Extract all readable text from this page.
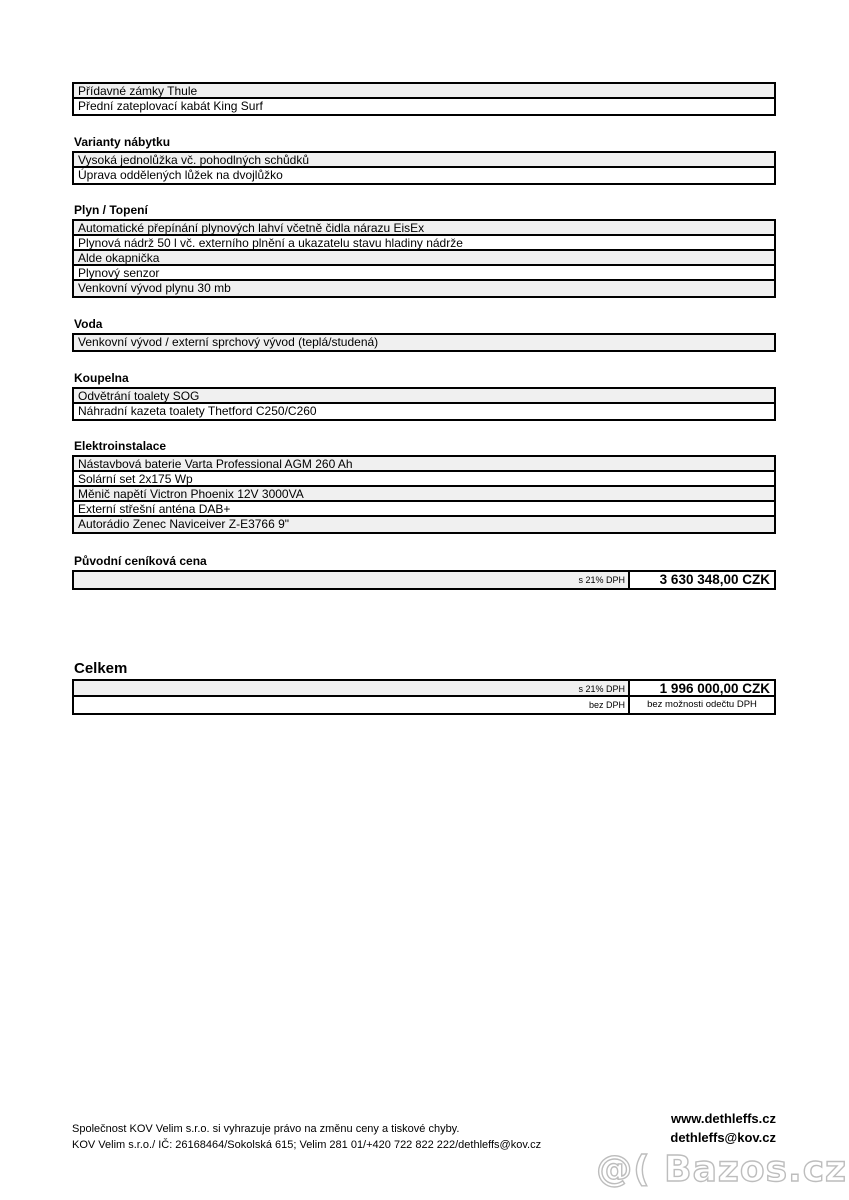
Přídavné zámky Thule
Přední zateplovací kabát King Surf
Varianty nábytku
Vysoká jednolůžka vč. pohodlných schůdků
Úprava oddělených lůžek na dvojlůžko
Plyn / Topení
Automatické přepínání plynových lahví včetně čidla nárazu EisEx
Plynová nádrž 50 l vč. externího plnění a ukazatelu stavu hladiny nádrže
Alde okapnička
Plynový senzor
Venkovní vývod plynu 30 mb
Voda
Venkovní vývod / externí sprchový vývod (teplá/studená)
Koupelna
Odvětrání toalety SOG
Náhradní kazeta toalety Thetford C250/C260
Elektroinstalace
Nástavbová baterie Varta Professional AGM 260 Ah
Solární set 2x175 Wp
Měnič napětí Victron Phoenix 12V 3000VA
Externí střešní anténa DAB+
Autorádio Zenec Naviceiver Z-E3766 9"
Původní ceníková cena
s 21% DPH	3 630 348,00 CZK
Celkem
s 21% DPH	1 996 000,00 CZK
bez DPH	bez možnosti odečtu DPH
Společnost KOV Velim s.r.o. si vyhrazuje právo na změnu ceny a tiskové chyby.
KOV Velim s.r.o./ IČ: 26168464/Sokolská 615; Velim 281 01/+420 722 822 222/dethleffs@kov.cz
www.dethleffs.cz
dethleffs@kov.cz
@( Bazos.cz
